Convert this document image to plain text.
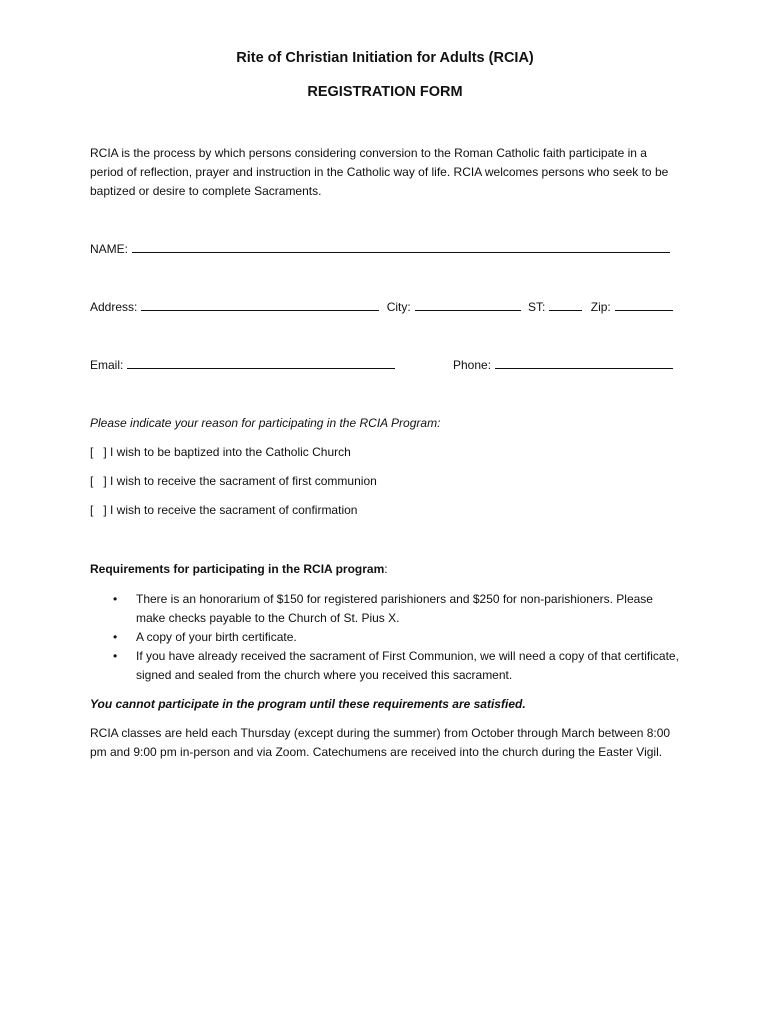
Rite of Christian Initiation for Adults (RCIA)
REGISTRATION FORM
RCIA is the process by which persons considering conversion to the Roman Catholic faith participate in a period of reflection, prayer and instruction in the Catholic way of life. RCIA welcomes persons who seek to be baptized or desire to complete Sacraments.
NAME:
Address:	City:	ST:	Zip:
Email:	Phone:
Please indicate your reason for participating in the RCIA Program:
[   ] I wish to be baptized into the Catholic Church
[   ] I wish to receive the sacrament of first communion
[   ] I wish to receive the sacrament of confirmation
Requirements for participating in the RCIA program:
• There is an honorarium of $150 for registered parishioners and $250 for non-parishioners. Please make checks payable to the Church of St. Pius X.
• A copy of your birth certificate.
• If you have already received the sacrament of First Communion, we will need a copy of that certificate, signed and sealed from the church where you received this sacrament.
You cannot participate in the program until these requirements are satisfied.
RCIA classes are held each Thursday (except during the summer) from October through March between 8:00 pm and 9:00 pm in-person and via Zoom. Catechumens are received into the church during the Easter Vigil.
